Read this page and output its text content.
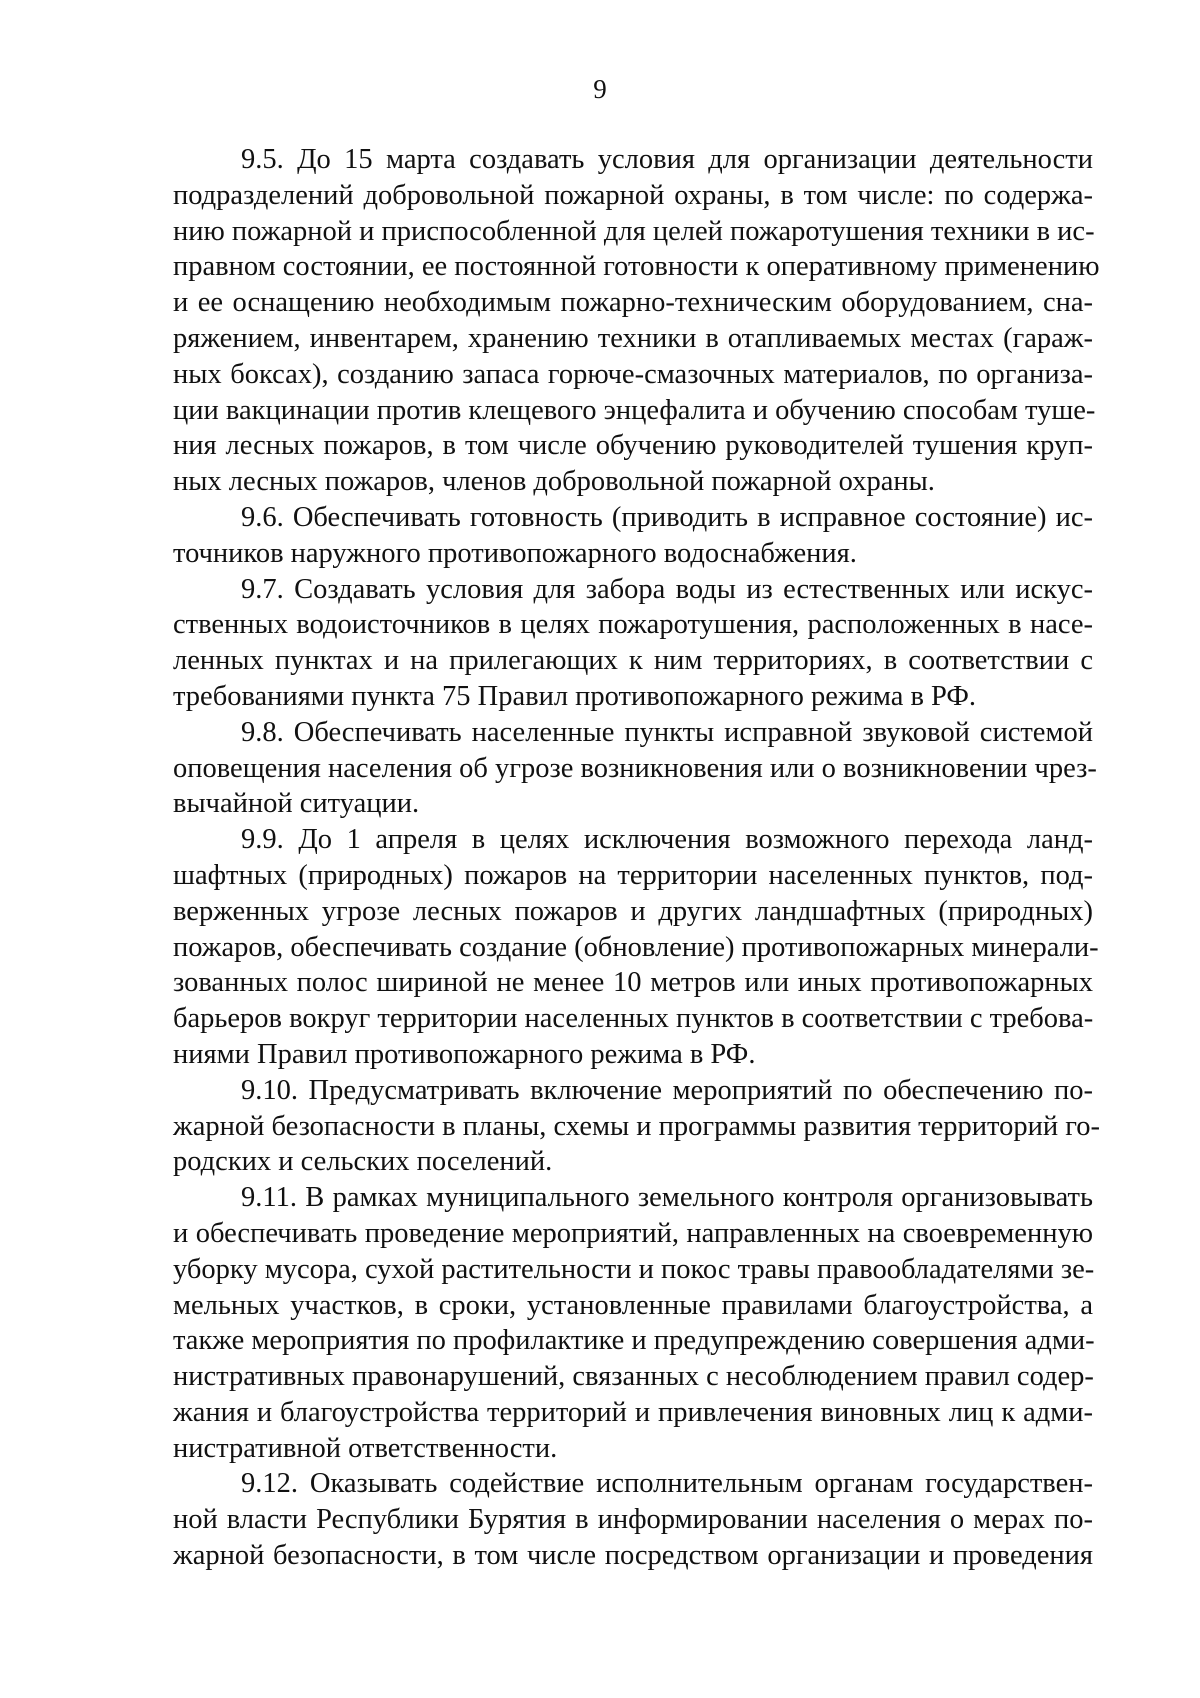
9

9.5. До 15 марта создавать условия для организации деятельности
подразделений добровольной пожарной охраны, в том числе: по содержа-
нию пожарной и приспособленной для целей пожаротушения техники в ис-
правном состоянии, ее постоянной готовности к оперативному применению
и ее оснащению необходимым пожарно-техническим оборудованием, сна-
ряжением, инвентарем, хранению техники в отапливаемых местах (гараж-
ных боксах), созданию запаса горюче-смазочных материалов, по организа-
ции вакцинации против клещевого энцефалита и обучению способам туше-
ния лесных пожаров, в том числе обучению руководителей тушения круп-
ных лесных пожаров, членов добровольной пожарной охраны.
9.6. Обеспечивать готовность (приводить в исправное состояние) ис-
точников наружного противопожарного водоснабжения.
9.7. Создавать условия для забора воды из естественных или искус-
ственных водоисточников в целях пожаротушения, расположенных в насе-
ленных пунктах и на прилегающих к ним территориях, в соответствии с
требованиями пункта 75 Правил противопожарного режима в РФ.
9.8. Обеспечивать населенные пункты исправной звуковой системой
оповещения населения об угрозе возникновения или о возникновении чрез-
вычайной ситуации.
9.9. До 1 апреля в целях исключения возможного перехода ланд-
шафтных (природных) пожаров на территории населенных пунктов, под-
верженных угрозе лесных пожаров и других ландшафтных (природных)
пожаров, обеспечивать создание (обновление) противопожарных минерали-
зованных полос шириной не менее 10 метров или иных противопожарных
барьеров вокруг территории населенных пунктов в соответствии с требова-
ниями Правил противопожарного режима в РФ.
9.10. Предусматривать включение мероприятий по обеспечению по-
жарной безопасности в планы, схемы и программы развития территорий го-
родских и сельских поселений.
9.11. В рамках муниципального земельного контроля организовывать
и обеспечивать проведение мероприятий, направленных на своевременную
уборку мусора, сухой растительности и покос травы правообладателями зе-
мельных участков, в сроки, установленные правилами благоустройства, а
также мероприятия по профилактике и предупреждению совершения адми-
нистративных правонарушений, связанных с несоблюдением правил содер-
жания и благоустройства территорий и привлечения виновных лиц к адми-
нистративной ответственности.
9.12. Оказывать содействие исполнительным органам государствен-
ной власти Республики Бурятия в информировании населения о мерах по-
жарной безопасности, в том числе посредством организации и проведения
